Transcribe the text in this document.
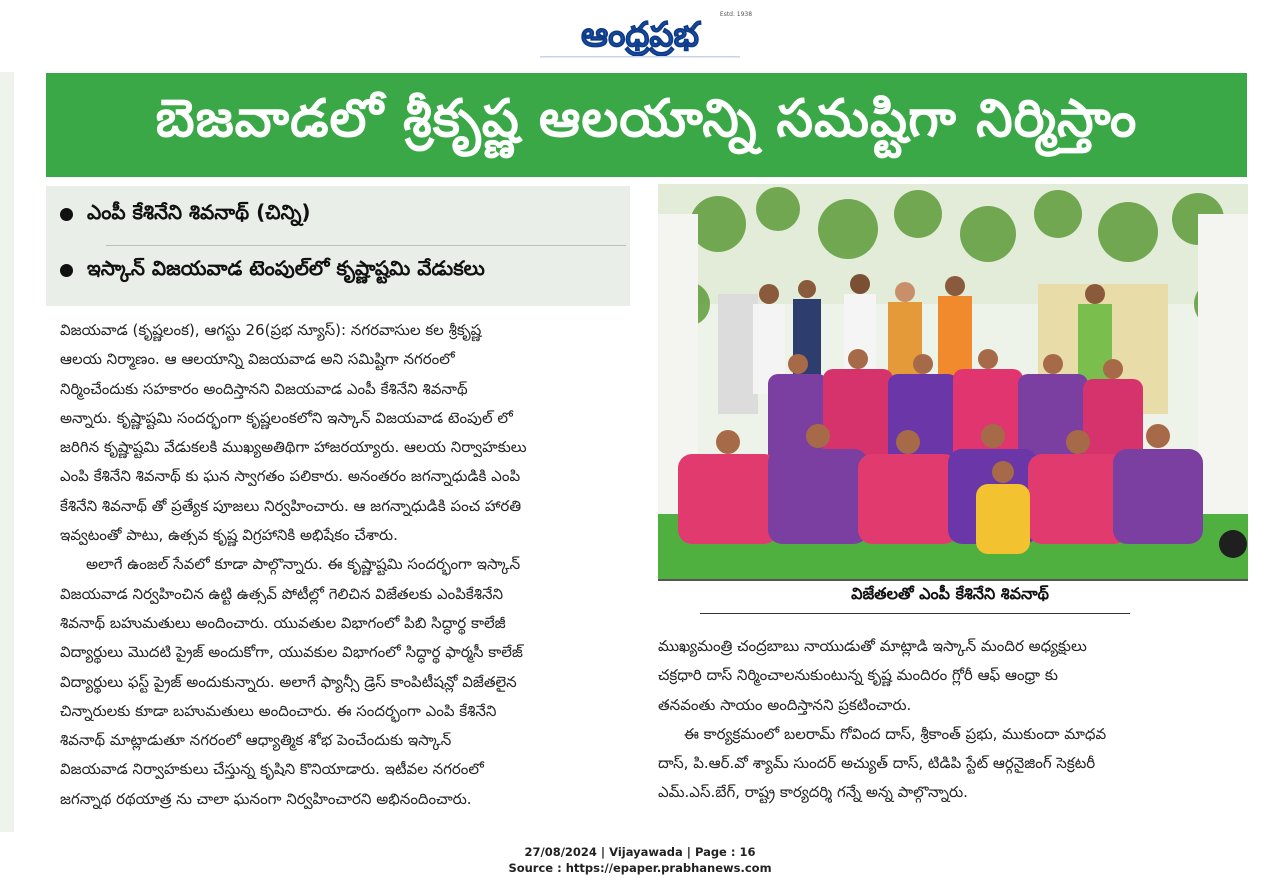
ఆంధ్రప్రభ
Estd. 1938
బెజవాడలో శ్రీకృష్ణ ఆలయాన్ని సమష్టిగా నిర్మిస్తాం
ఎంపీ కేశినేని శివనాథ్ (చిన్ని)
ఇస్కాన్ విజయవాడ టెంపుల్‌లో కృష్ణాష్టమి వేడుకలు

విజయవాడ (కృష్ణలంక), ఆగస్టు 26(ప్రభ న్యూస్): నగరవాసుల కల శ్రీకృష్ణ
ఆలయ నిర్మాణం. ఆ ఆలయాన్ని విజయవాడ అని సమిష్టిగా నగరంలో
నిర్మించేందుకు సహకారం అందిస్తానని విజయవాడ ఎంపీ కేశినేని శివనాథ్
అన్నారు. కృష్ణాష్టమి సందర్భంగా కృష్ణలంకలోని ఇస్కాన్ విజయవాడ టెంపుల్ లో
జరిగిన కృష్ణాష్టమి వేడుకలకి ముఖ్యఅతిథిగా హాజరయ్యారు. ఆలయ నిర్వాహకులు
ఎంపి కేశినేని శివనాథ్ కు ఘన స్వాగతం పలికారు. అనంతరం జగన్నాధుడికి ఎంపి
కేశినేని శివనాథ్ తో ప్రత్యేక పూజలు నిర్వహించారు. ఆ జగన్నాధుడికి పంచ హారతి
ఇవ్వటంతో పాటు, ఉత్సవ కృష్ణ విగ్రహానికి అభిషేకం చేశారు.

అలాగే ఉంజల్ సేవలో కూడా పాల్గొన్నారు. ఈ కృష్ణాష్టమి సందర్భంగా ఇస్కాన్
విజయవాడ నిర్వహించిన ఉట్టి ఉత్సవ్ పోటీల్లో గెలిచిన విజేతలకు ఎంపికేశినేని
శివనాథ్ బహుమతులు అందించారు. యువతుల విభాగంలో పిబి సిద్ధార్థ కాలేజీ
విద్యార్థులు మొదటి ప్రైజ్ అందుకోగా, యువకుల విభాగంలో సిద్ధార్థ ఫార్మసీ కాలేజ్
విద్యార్థులు ఫస్ట్ ప్రైజ్ అందుకున్నారు. అలాగే ఫ్యాన్సీ డ్రెస్ కాంపిటీషన్లో విజేతలైన
చిన్నారులకు కూడా బహుమతులు అందించారు. ఈ సందర్భంగా ఎంపి కేశినేని
శివనాథ్ మాట్లాడుతూ నగరంలో ఆధ్యాత్మిక శోభ పెంచేందుకు ఇస్కాన్
విజయవాడ నిర్వాహకులు చేస్తున్న కృషిని కొనియాడారు. ఇటీవల నగరంలో
జగన్నాథ రథయాత్ర ను చాలా ఘనంగా నిర్వహించారని అభినందించారు.

విజేతలతో ఎంపీ కేశినేని శివనాథ్
ముఖ్యమంత్రి చంద్రబాబు నాయుడుతో మాట్లాడి ఇస్కాన్ మందిర అధ్యక్షులు
చక్రధారి దాస్ నిర్మించాలనుకుంటున్న కృష్ణ మందిరం గ్లోరీ ఆఫ్ ఆంధ్రా కు
తనవంతు సాయం అందిస్తానని ప్రకటించారు.
ఈ కార్యక్రమంలో బలరామ్ గోవింద దాస్, శ్రీకాంత్ ప్రభు, ముకుందా మాధవ
దాస్, పి.ఆర్.వో శ్యామ్ సుందర్ అచ్యుత్ దాస్, టిడిపి స్టేట్ ఆర్గనైజింగ్ సెక్రటరీ
ఎమ్.ఎస్.బేగ్, రాష్ట్ర కార్యదర్శి గన్నే అన్న పాల్గొన్నారు.
27/08/2024 | Vijayawada | Page : 16
Source : https://epaper.prabhanews.com
